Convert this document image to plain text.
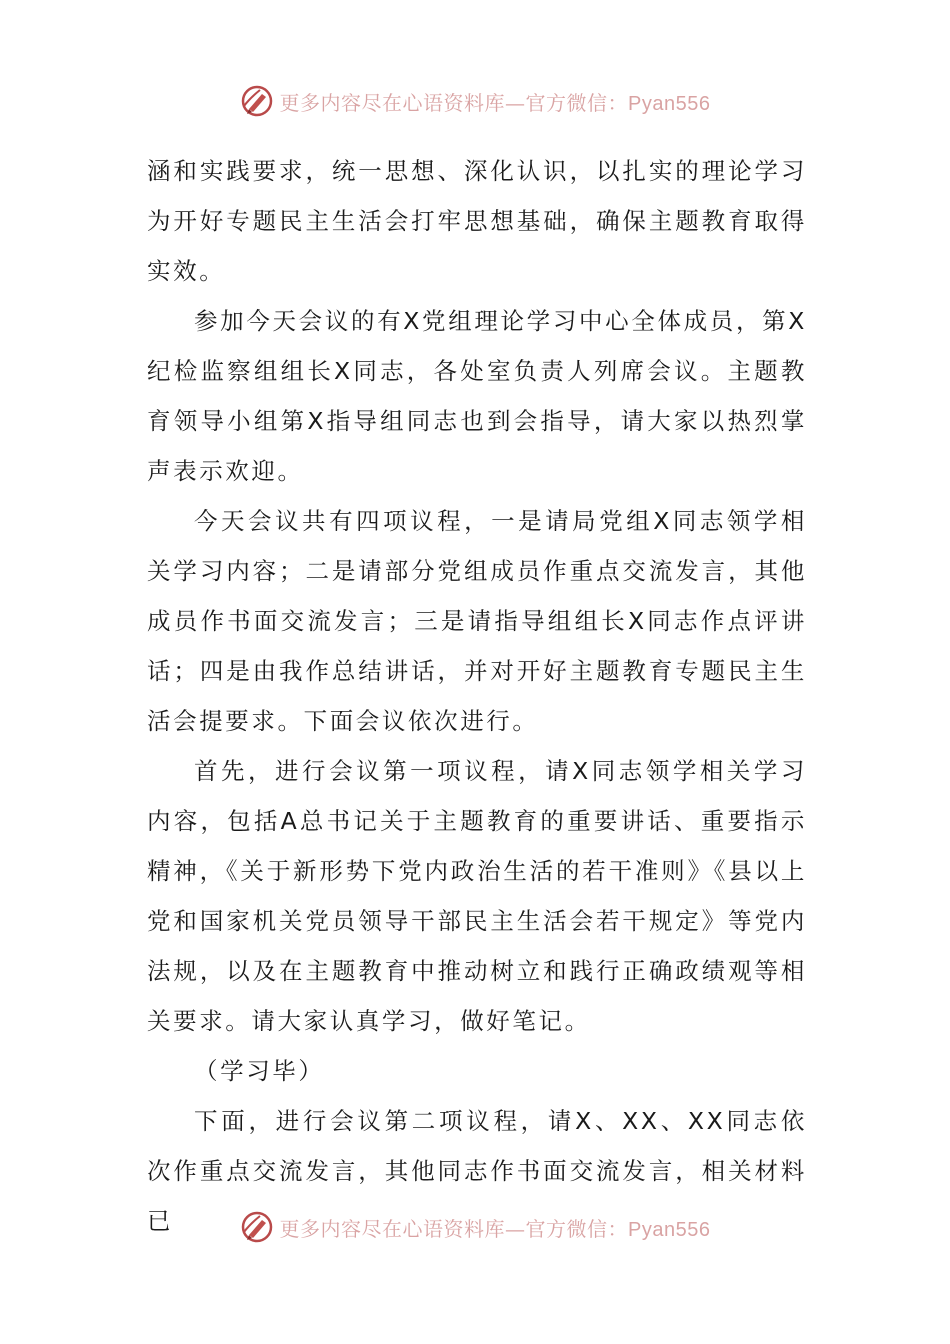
更多内容尽在心语资料库—官方微信：Pyan556

涵和实践要求，统一思想、深化认识，以扎实的理论学习为开好专题民主生活会打牢思想基础，确保主题教育取得实效。

参加今天会议的有X党组理论学习中心全体成员，第X纪检监察组组长X同志，各处室负责人列席会议。主题教育领导小组第X指导组同志也到会指导，请大家以热烈掌声表示欢迎。

今天会议共有四项议程，一是请局党组X同志领学相关学习内容；二是请部分党组成员作重点交流发言，其他成员作书面交流发言；三是请指导组组长X同志作点评讲话；四是由我作总结讲话，并对开好主题教育专题民主生活会提要求。下面会议依次进行。

首先，进行会议第一项议程，请X同志领学相关学习内容，包括A总书记关于主题教育的重要讲话、重要指示精神，《关于新形势下党内政治生活的若干准则》《县以上党和国家机关党员领导干部民主生活会若干规定》等党内法规，以及在主题教育中推动树立和践行正确政绩观等相关要求。请大家认真学习，做好笔记。

（学习毕）

下面，进行会议第二项议程，请X、XX、XX同志依次作重点交流发言，其他同志作书面交流发言，相关材料已	更多内容尽在心语资料库—官方微信：Pyan556
